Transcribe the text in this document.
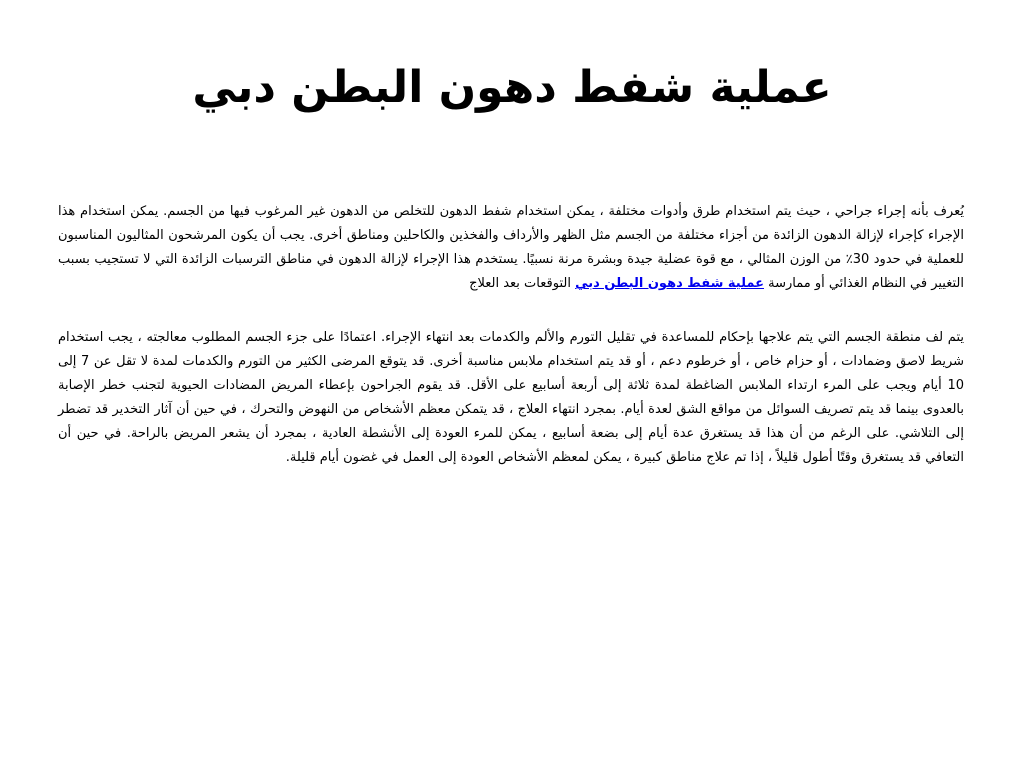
عملية شفط دهون البطن دبي

يُعرف بأنه إجراء جراحي ، حيث يتم استخدام طرق وأدوات مختلفة ، يمكن استخدام شفط الدهون للتخلص من الدهون غير المرغوب فيها من الجسم. يمكن استخدام هذا الإجراء كإجراء لإزالة الدهون الزائدة من أجزاء مختلفة من الجسم مثل الظهر والأرداف والفخذين والكاحلين ومناطق أخرى. يجب أن يكون المرشحون المثاليون المناسبون للعملية في حدود 30٪ من الوزن المثالي ، مع قوة عضلية جيدة وبشرة مرنة نسبيًا. يستخدم هذا الإجراء لإزالة الدهون في مناطق الترسبات الزائدة التي لا تستجيب بسبب التغيير في النظام الغذائي أو ممارسة عملية شفط دهون البطن دبي التوقعات بعد العلاج

يتم لف منطقة الجسم التي يتم علاجها بإحكام للمساعدة في تقليل التورم والألم والكدمات بعد انتهاء الإجراء. اعتمادًا على جزء الجسم المطلوب معالجته ، يجب استخدام شريط لاصق وضمادات ، أو حزام خاص ، أو خرطوم دعم ، أو قد يتم استخدام ملابس مناسبة أخرى. قد يتوقع المرضى الكثير من التورم والكدمات لمدة لا تقل عن 7 إلى 10 أيام ويجب على المرء ارتداء الملابس الضاغطة لمدة ثلاثة إلى أربعة أسابيع على الأقل. قد يقوم الجراحون بإعطاء المريض المضادات الحيوية لتجنب خطر الإصابة بالعدوى بينما قد يتم تصريف السوائل من مواقع الشق لعدة أيام. بمجرد انتهاء العلاج ، قد يتمكن معظم الأشخاص من النهوض والتحرك ، في حين أن آثار التخدير قد تضطر إلى التلاشي. على الرغم من أن هذا قد يستغرق عدة أيام إلى بضعة أسابيع ، يمكن للمرء العودة إلى الأنشطة العادية ، بمجرد أن يشعر المريض بالراحة. في حين أن التعافي قد يستغرق وقتًا أطول قليلاً ، إذا تم علاج مناطق كبيرة ، يمكن لمعظم الأشخاص العودة إلى العمل في غضون أيام قليلة.
